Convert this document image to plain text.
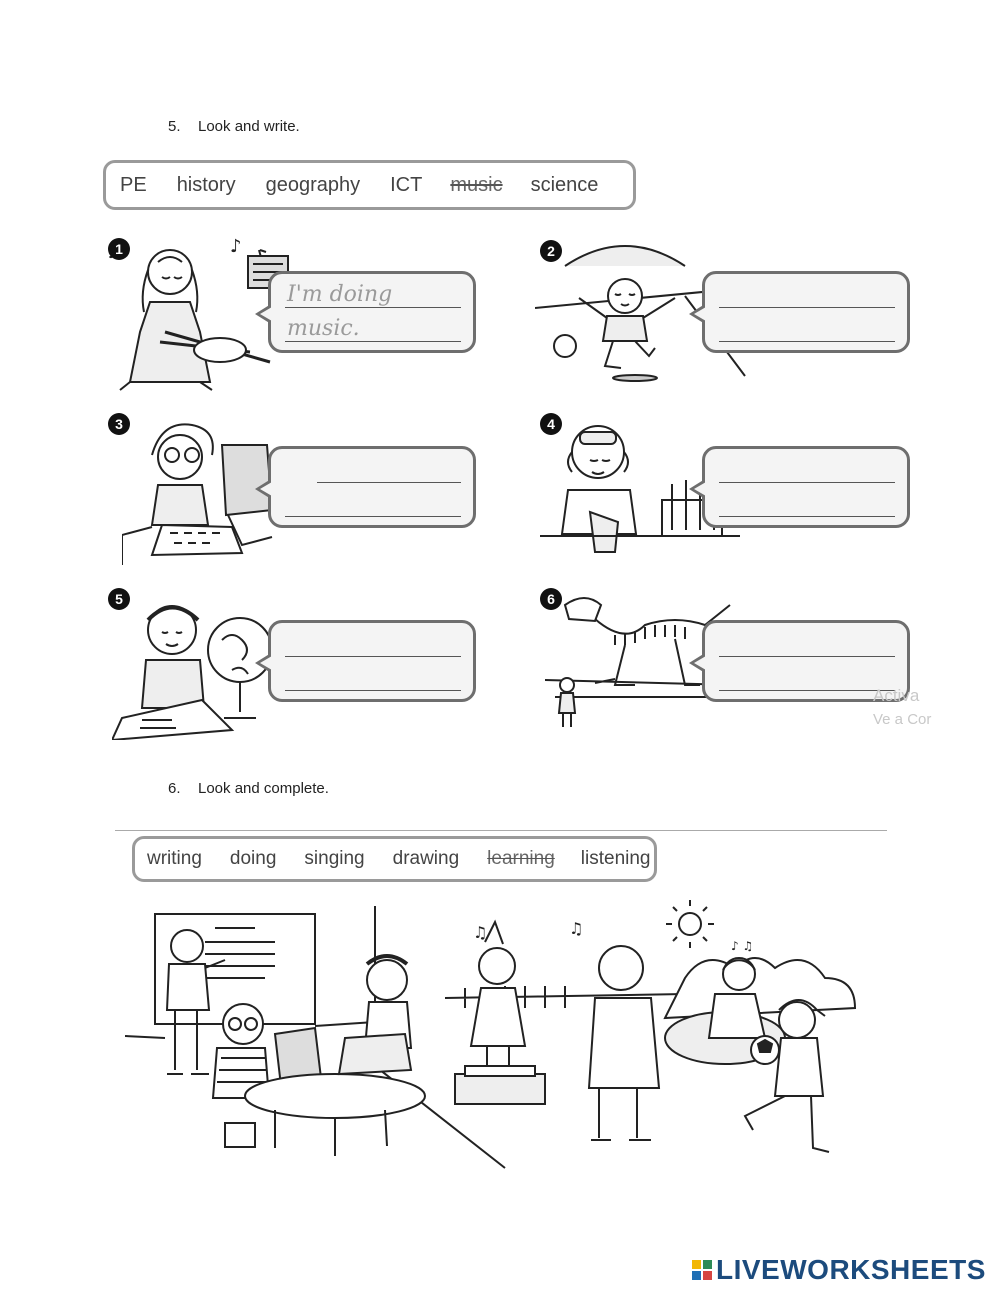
5. Look and write.
PE history geography ICT music science
♪
1
I'm doing
music.
2
3	4
5	6
Activa
Ve a Cor
6. Look and complete.
writing doing singing drawing learning listening
♫	♫
♪ ♫
LIVEWORKSHEETS
